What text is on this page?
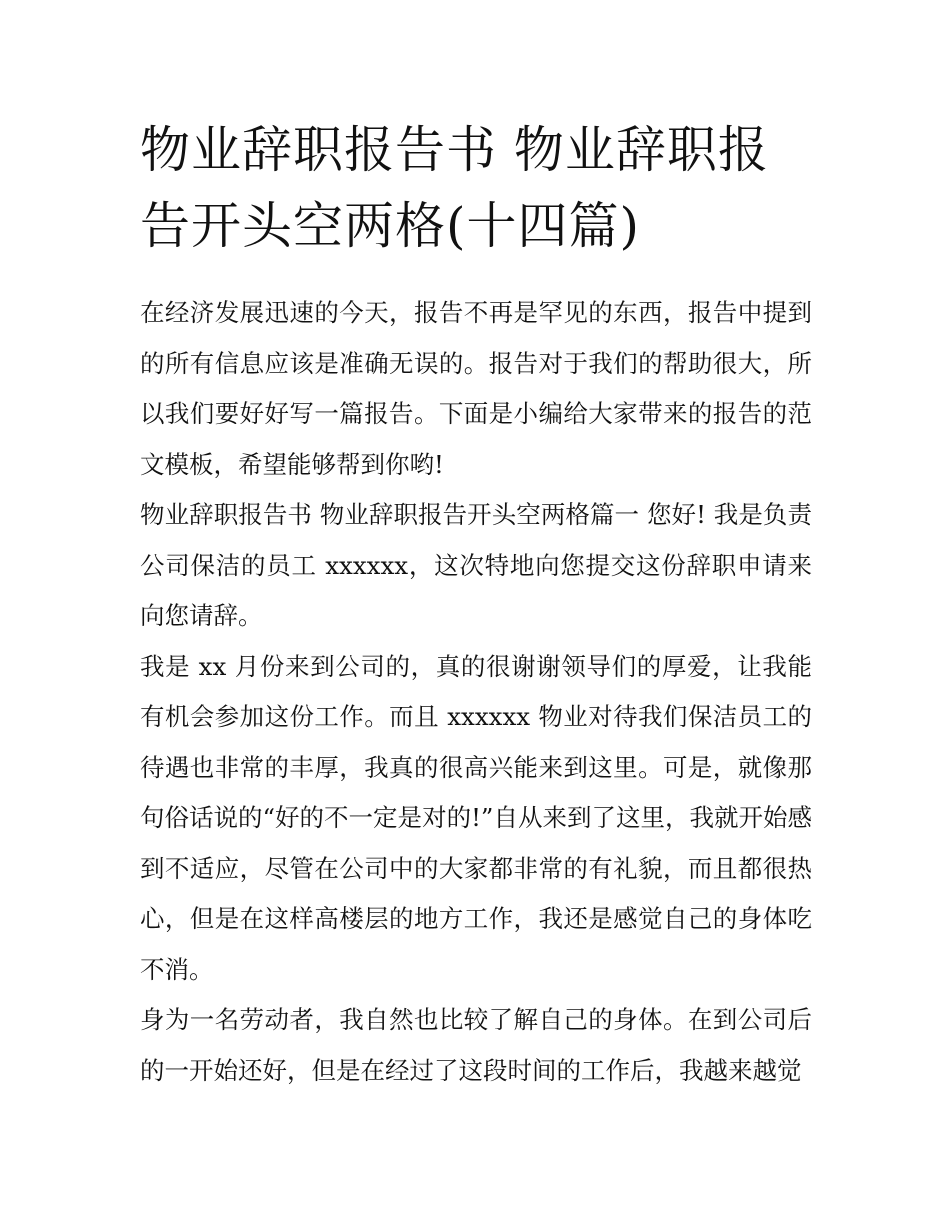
物业辞职报告书 物业辞职报告开头空两格(十四篇)

在经济发展迅速的今天，报告不再是罕见的东西，报告中提到的所有信息应该是准确无误的。报告对于我们的帮助很大，所以我们要好好写一篇报告。下面是小编给大家带来的报告的范文模板，希望能够帮到你哟!

物业辞职报告书 物业辞职报告开头空两格篇一 您好! 我是负责公司保洁的员工 xxxxxx，这次特地向您提交这份辞职申请来向您请辞。

我是 xx 月份来到公司的，真的很谢谢领导们的厚爱，让我能有机会参加这份工作。而且 xxxxxx 物业对待我们保洁员工的待遇也非常的丰厚，我真的很高兴能来到这里。可是，就像那句俗话说的“好的不一定是对的!”自从来到了这里，我就开始感到不适应，尽管在公司中的大家都非常的有礼貌，而且都很热心，但是在这样高楼层的地方工作，我还是感觉自己的身体吃不消。

身为一名劳动者，我自然也比较了解自己的身体。在到公司后的一开始还好，但是在经过了这段时间的工作后，我越来越觉
